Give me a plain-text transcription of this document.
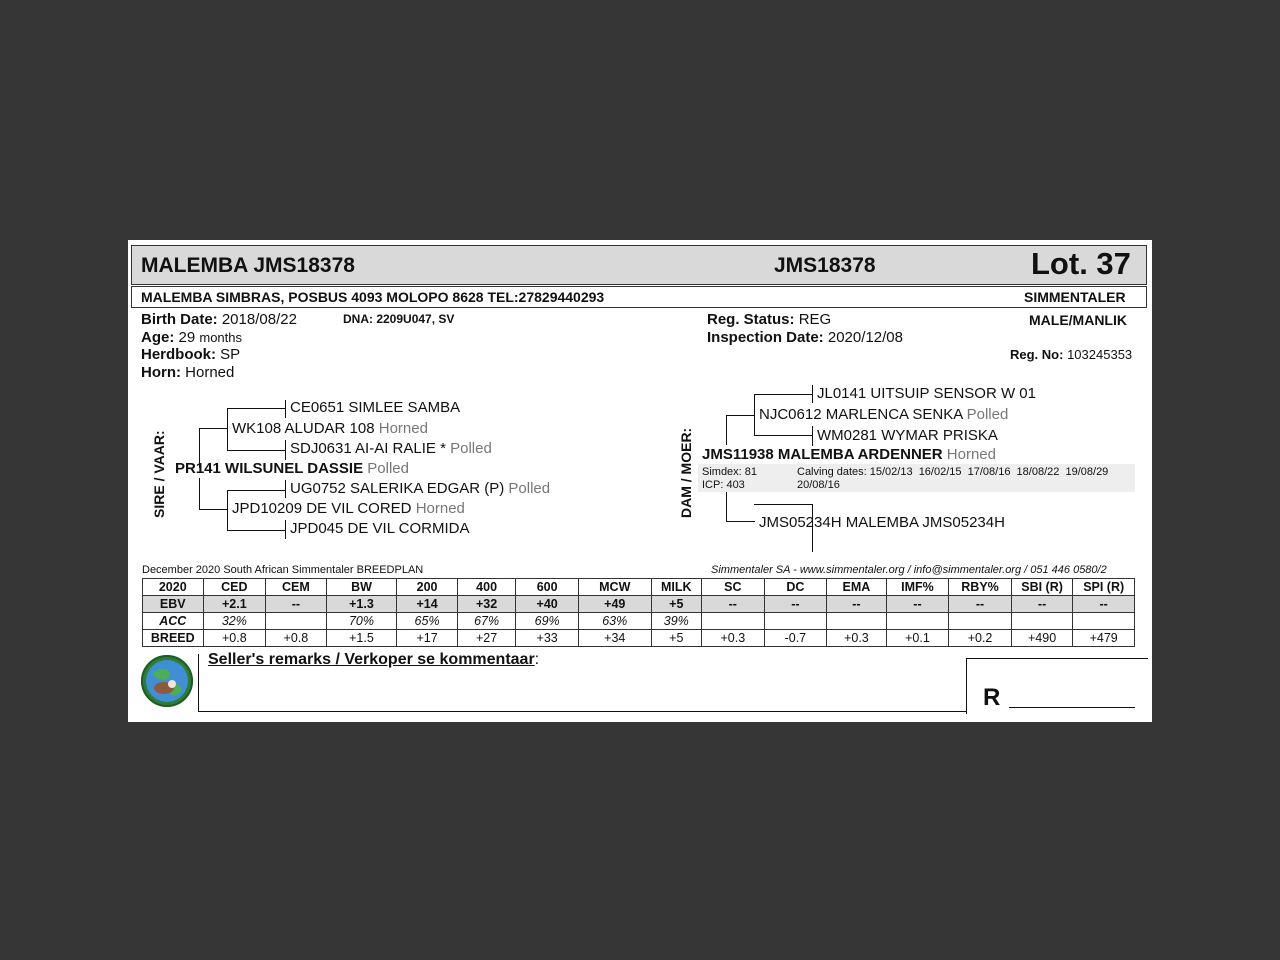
MALEMBA JMS18378	JMS18378	Lot. 37
MALEMBA SIMBRAS, POSBUS 4093 MOLOPO 8628 TEL:27829440293	SIMMENTALER
Birth Date: 2018/08/22	DNA: 2209U047, SV
Age: 29 months
Herdbook: SP
Horn: Horned
Reg. Status: REG
Inspection Date: 2020/12/08
MALE/MANLIK
Reg. No: 103245353
SIRE / VAAR:
CE0651 SIMLEE SAMBA
WK108 ALUDAR 108 Horned
SDJ0631 AI-AI RALIE * Polled
PR141 WILSUNEL DASSIE Polled
UG0752 SALERIKA EDGAR (P) Polled
JPD10209 DE VIL CORED Horned
JPD045 DE VIL CORMIDA
DAM / MOER:
JL0141 UITSUIP SENSOR W 01
NJC0612 MARLENCA SENKA Polled
WM0281 WYMAR PRISKA
JMS11938 MALEMBA ARDENNER Horned
Simdex: 81
ICP: 403
Calving dates: 15/02/13  16/02/15  17/08/16  18/08/22  19/08/29
20/08/16
JMS05234H MALEMBA JMS05234H
December 2020 South African Simmentaler BREEDPLAN	Simmentaler SA - www.simmentaler.org / info@simmentaler.org / 051 446 0580/2
2020	CED	CEM	BW	200	400	600	MCW	MILK	SC	DC	EMA	IMF%	RBY%	SBI (R)	SPI (R)
EBV	+2.1	--	+1.3	+14	+32	+40	+49	+5	--	--	--	--	--	--	--
ACC	32%		70%	65%	67%	69%	63%	39%							
BREED	+0.8	+0.8	+1.5	+17	+27	+33	+34	+5	+0.3	-0.7	+0.3	+0.1	+0.2	+490	+479
Seller's remarks / Verkoper se kommentaar:
R
